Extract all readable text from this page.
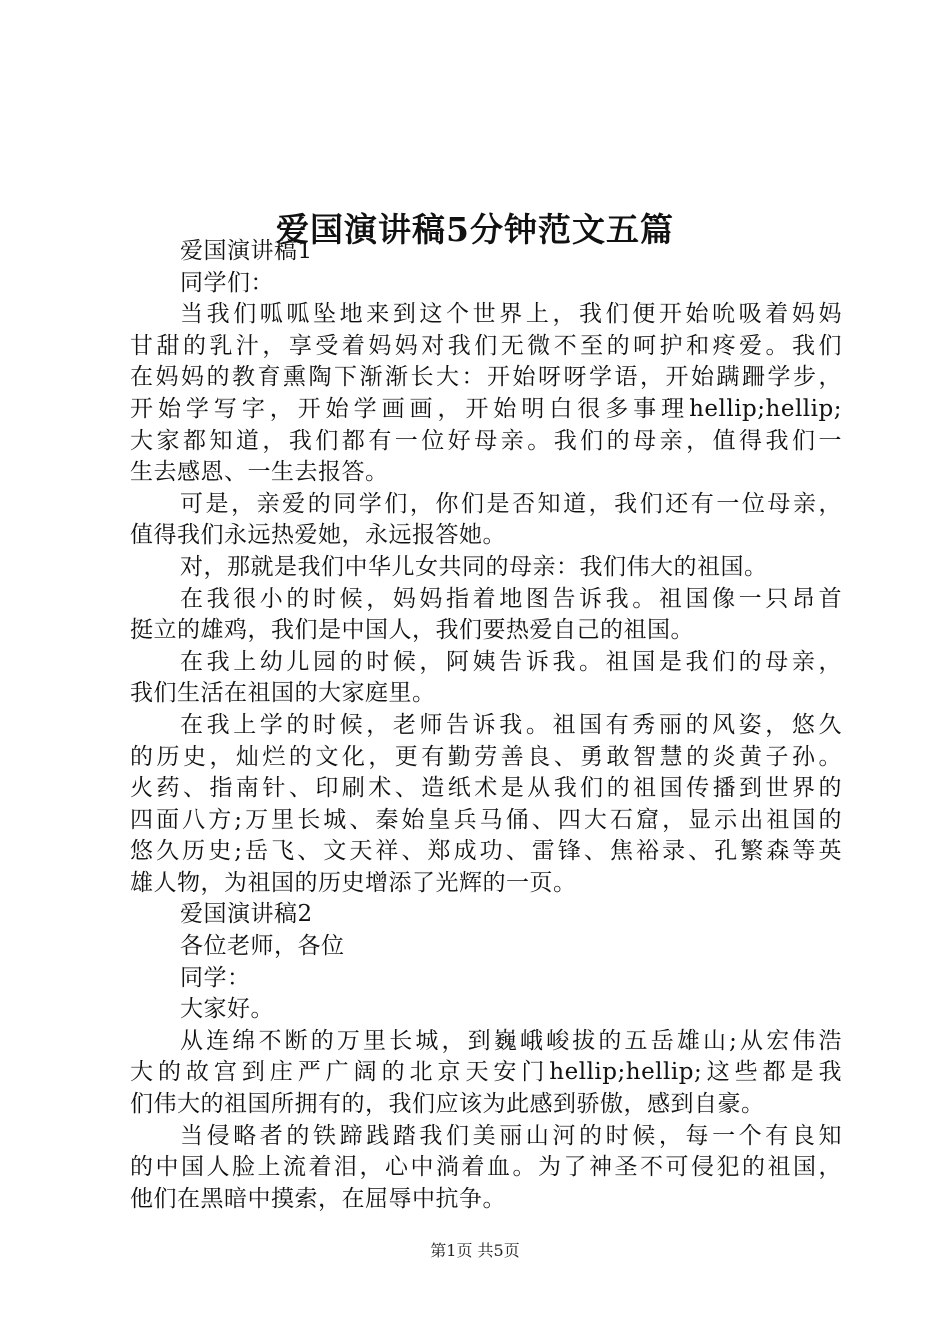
爱国演讲稿5分钟范文五篇
爱国演讲稿1
同学们：
当我们呱呱坠地来到这个世界上，我们便开始吮吸着妈妈
甘甜的乳汁，享受着妈妈对我们无微不至的呵护和疼爱。我们
在妈妈的教育熏陶下渐渐长大：开始呀呀学语，开始蹒跚学步，
开始学写字，开始学画画，开始明白很多事理hellip;hellip;
大家都知道，我们都有一位好母亲。我们的母亲，值得我们一
生去感恩、一生去报答。
可是，亲爱的同学们，你们是否知道，我们还有一位母亲，
值得我们永远热爱她，永远报答她。
对，那就是我们中华儿女共同的母亲：我们伟大的祖国。
在我很小的时候，妈妈指着地图告诉我。祖国像一只昂首
挺立的雄鸡，我们是中国人，我们要热爱自己的祖国。
在我上幼儿园的时候，阿姨告诉我。祖国是我们的母亲，
我们生活在祖国的大家庭里。
在我上学的时候，老师告诉我。祖国有秀丽的风姿，悠久
的历史，灿烂的文化，更有勤劳善良、勇敢智慧的炎黄子孙。
火药、指南针、印刷术、造纸术是从我们的祖国传播到世界的
四面八方;万里长城、秦始皇兵马俑、四大石窟，显示出祖国的
悠久历史;岳飞、文天祥、郑成功、雷锋、焦裕录、孔繁森等英
雄人物，为祖国的历史增添了光辉的一页。
爱国演讲稿2
各位老师，各位
同学：
大家好。
从连绵不断的万里长城，到巍峨峻拔的五岳雄山;从宏伟浩
大的故宫到庄严广阔的北京天安门hellip;hellip;这些都是我
们伟大的祖国所拥有的，我们应该为此感到骄傲，感到自豪。
当侵略者的铁蹄践踏我们美丽山河的时候，每一个有良知
的中国人脸上流着泪，心中淌着血。为了神圣不可侵犯的祖国，
他们在黑暗中摸索，在屈辱中抗争。
第1页 共5页
